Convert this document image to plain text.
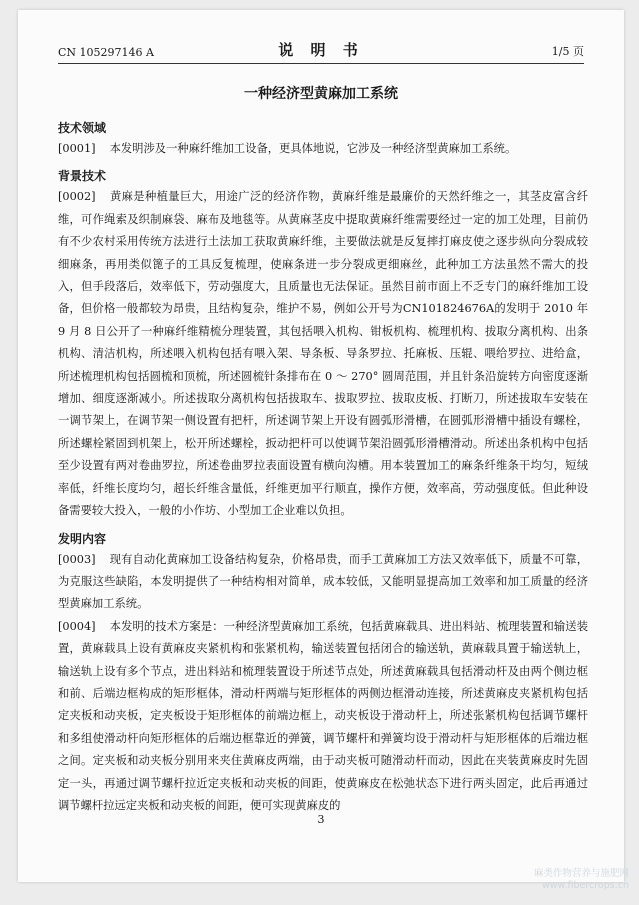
CN 105297146 A	说 明 书	1/5 页
一种经济型黄麻加工系统
技术领域

[0001] 本发明涉及一种麻纤维加工设备，更具体地说，它涉及一种经济型黄麻加工系统。

背景技术

[0002] 黄麻是种植量巨大，用途广泛的经济作物，黄麻纤维是最廉价的天然纤维之一，其茎皮富含纤维，可作绳索及织制麻袋、麻布及地毯等。从黄麻茎皮中提取黄麻纤维需要经过一定的加工处理，目前仍有不少农村采用传统方法进行土法加工获取黄麻纤维，主要做法就是反复摔打麻皮使之逐步纵向分裂成较细麻条，再用类似篦子的工具反复梳理，使麻条进一步分裂成更细麻丝，此种加工方法虽然不需大的投入，但手段落后，效率低下，劳动强度大，且质量也无法保证。虽然目前市面上不乏专门的麻纤维加工设备，但价格一般都较为昂贵，且结构复杂，维护不易，例如公开号为CN101824676A的发明于 2010 年 9 月 8 日公开了一种麻纤维精梳分理装置，其包括喂入机构、钳板机构、梳理机构、拔取分离机构、出条机构、清洁机构，所述喂入机构包括有喂入架、导条板、导条罗拉、托麻板、压辊、喂给罗拉、进给盒，所述梳理机构包括圆梳和顶梳，所述圆梳针条排布在 0 ～ 270° 圆周范围，并且针条沿旋转方向密度逐渐增加、细度逐渐减小。所述拔取分离机构包括拔取车、拔取罗拉、拔取皮板、打断刀，所述拔取车安装在一调节架上，在调节架一侧设置有把杆，所述调节架上开设有圆弧形滑槽，在圆弧形滑槽中插设有螺栓，所述螺栓紧固到机架上，松开所述螺栓，扳动把杆可以使调节架沿圆弧形滑槽滑动。所述出条机构中包括至少设置有两对卷曲罗拉，所述卷曲罗拉表面设置有横向沟槽。用本装置加工的麻条纤维条干均匀，短绒率低，纤维长度均匀，超长纤维含量低，纤维更加平行顺直，操作方便，效率高，劳动强度低。但此种设备需要较大投入，一般的小作坊、小型加工企业难以负担。

发明内容

[0003] 现有自动化黄麻加工设备结构复杂，价格昂贵，而手工黄麻加工方法又效率低下，质量不可靠，为克服这些缺陷，本发明提供了一种结构相对简单，成本较低，又能明显提高加工效率和加工质量的经济型黄麻加工系统。

[0004] 本发明的技术方案是：一种经济型黄麻加工系统，包括黄麻载具、进出料站、梳理装置和输送装置，黄麻载具上设有黄麻皮夹紧机构和张紧机构，输送装置包括闭合的输送轨，黄麻载具置于输送轨上，输送轨上设有多个节点，进出料站和梳理装置设于所述节点处，所述黄麻载具包括滑动杆及由两个侧边框和前、后端边框构成的矩形框体，滑动杆两端与矩形框体的两侧边框滑动连接，所述黄麻皮夹紧机构包括定夹板和动夹板，定夹板设于矩形框体的前端边框上，动夹板设于滑动杆上，所述张紧机构包括调节螺杆和多组使滑动杆向矩形框体的后端边框靠近的弹簧，调节螺杆和弹簧均设于滑动杆与矩形框体的后端边框之间。定夹板和动夹板分别用来夹住黄麻皮两端，由于动夹板可随滑动杆而动，因此在夹装黄麻皮时先固定一头，再通过调节螺杆拉近定夹板和动夹板的间距，使黄麻皮在松弛状态下进行两头固定，此后再通过调节螺杆拉远定夹板和动夹板的间距，便可实现黄麻皮的

3
麻类作物营养与施肥网
www.fibercrops.cn
